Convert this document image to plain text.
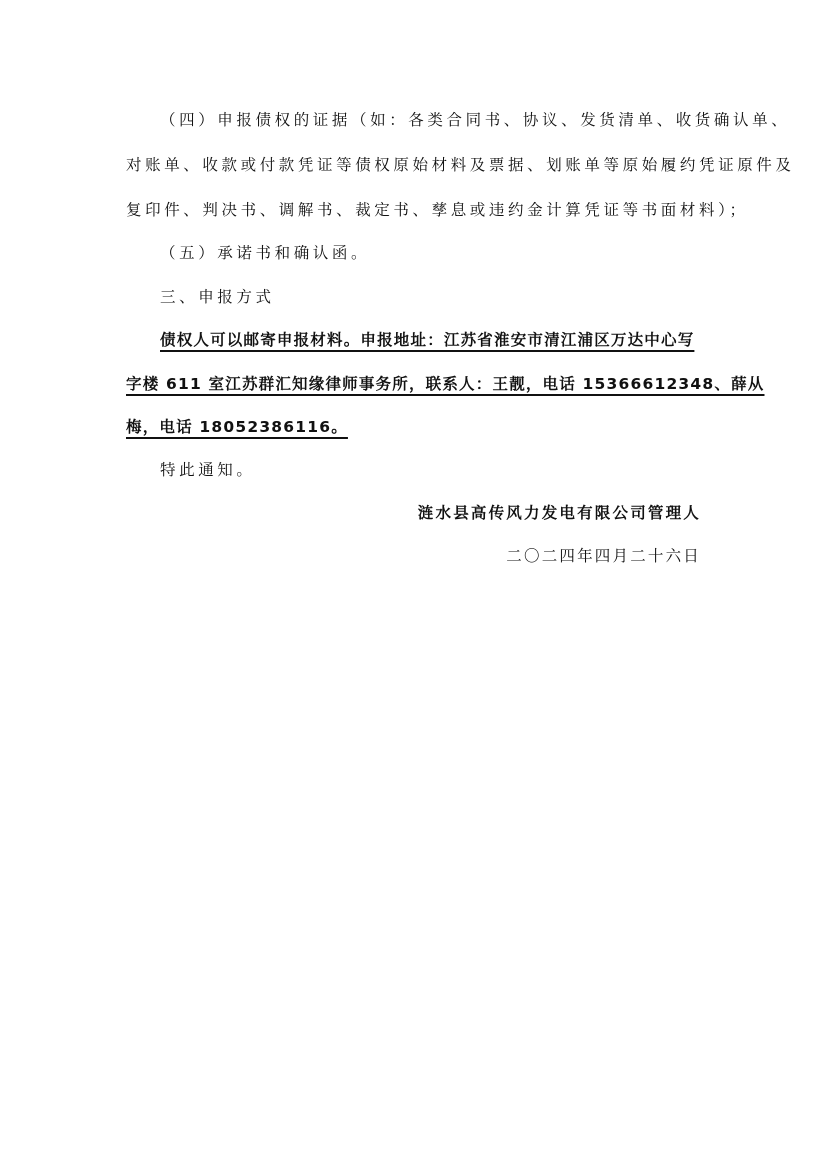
（四）申报债权的证据（如：各类合同书、协议、发货清单、收货确认单、
对账单、收款或付款凭证等债权原始材料及票据、划账单等原始履约凭证原件及
复印件、判决书、调解书、裁定书、孳息或违约金计算凭证等书面材料）；
（五）承诺书和确认函。
三、申报方式
债权人可以邮寄申报材料。申报地址：江苏省淮安市清江浦区万达中心写
字楼 611 室江苏群汇知缘律师事务所，联系人：王靓，电话 15366612348、薛从
梅，电话 18052386116。
特此通知。
涟水县高传风力发电有限公司管理人
二〇二四年四月二十六日
